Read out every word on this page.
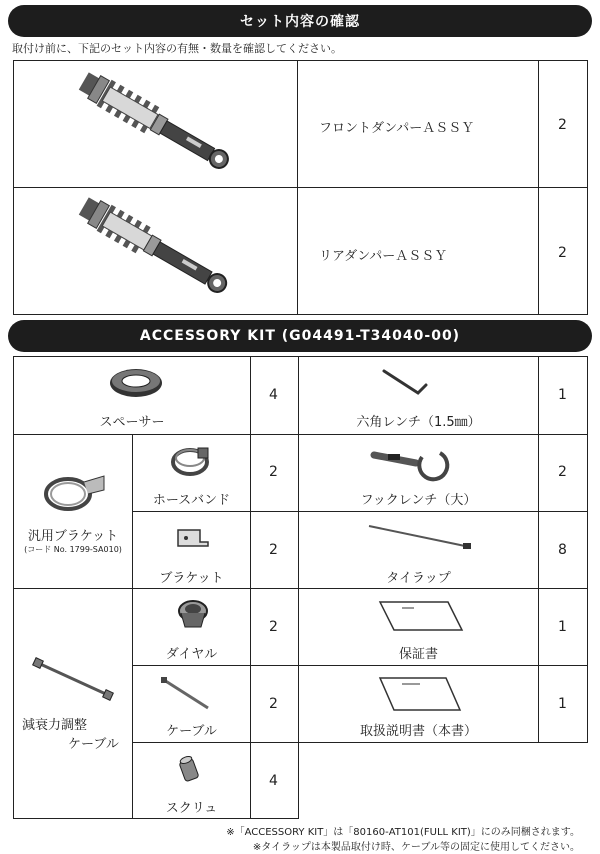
セット内容の確認
取付け前に、下記のセット内容の有無・数量を確認してください。
フロントダンパーＡＳＳＹ	2
リアダンパーＡＳＳＹ	2
ACCESSORY KIT (G04491-T34040-00)
スペーサー
4
六角レンチ（1.5㎜）
1
汎用ブラケット
(コード No. 1799-SA010)
ホースバンド
2
フックレンチ（大）
2
ブラケット
2
タイラップ
8
減衰力調整
ケーブル
ダイヤル
2
保証書
1
ケーブル
2
取扱説明書（本書）
1
スクリュ
4
※「ACCESSORY KIT」は「80160-AT101(FULL KIT)」にのみ同梱されます。
※タイラップは本製品取付け時、ケーブル等の固定に使用してください。
